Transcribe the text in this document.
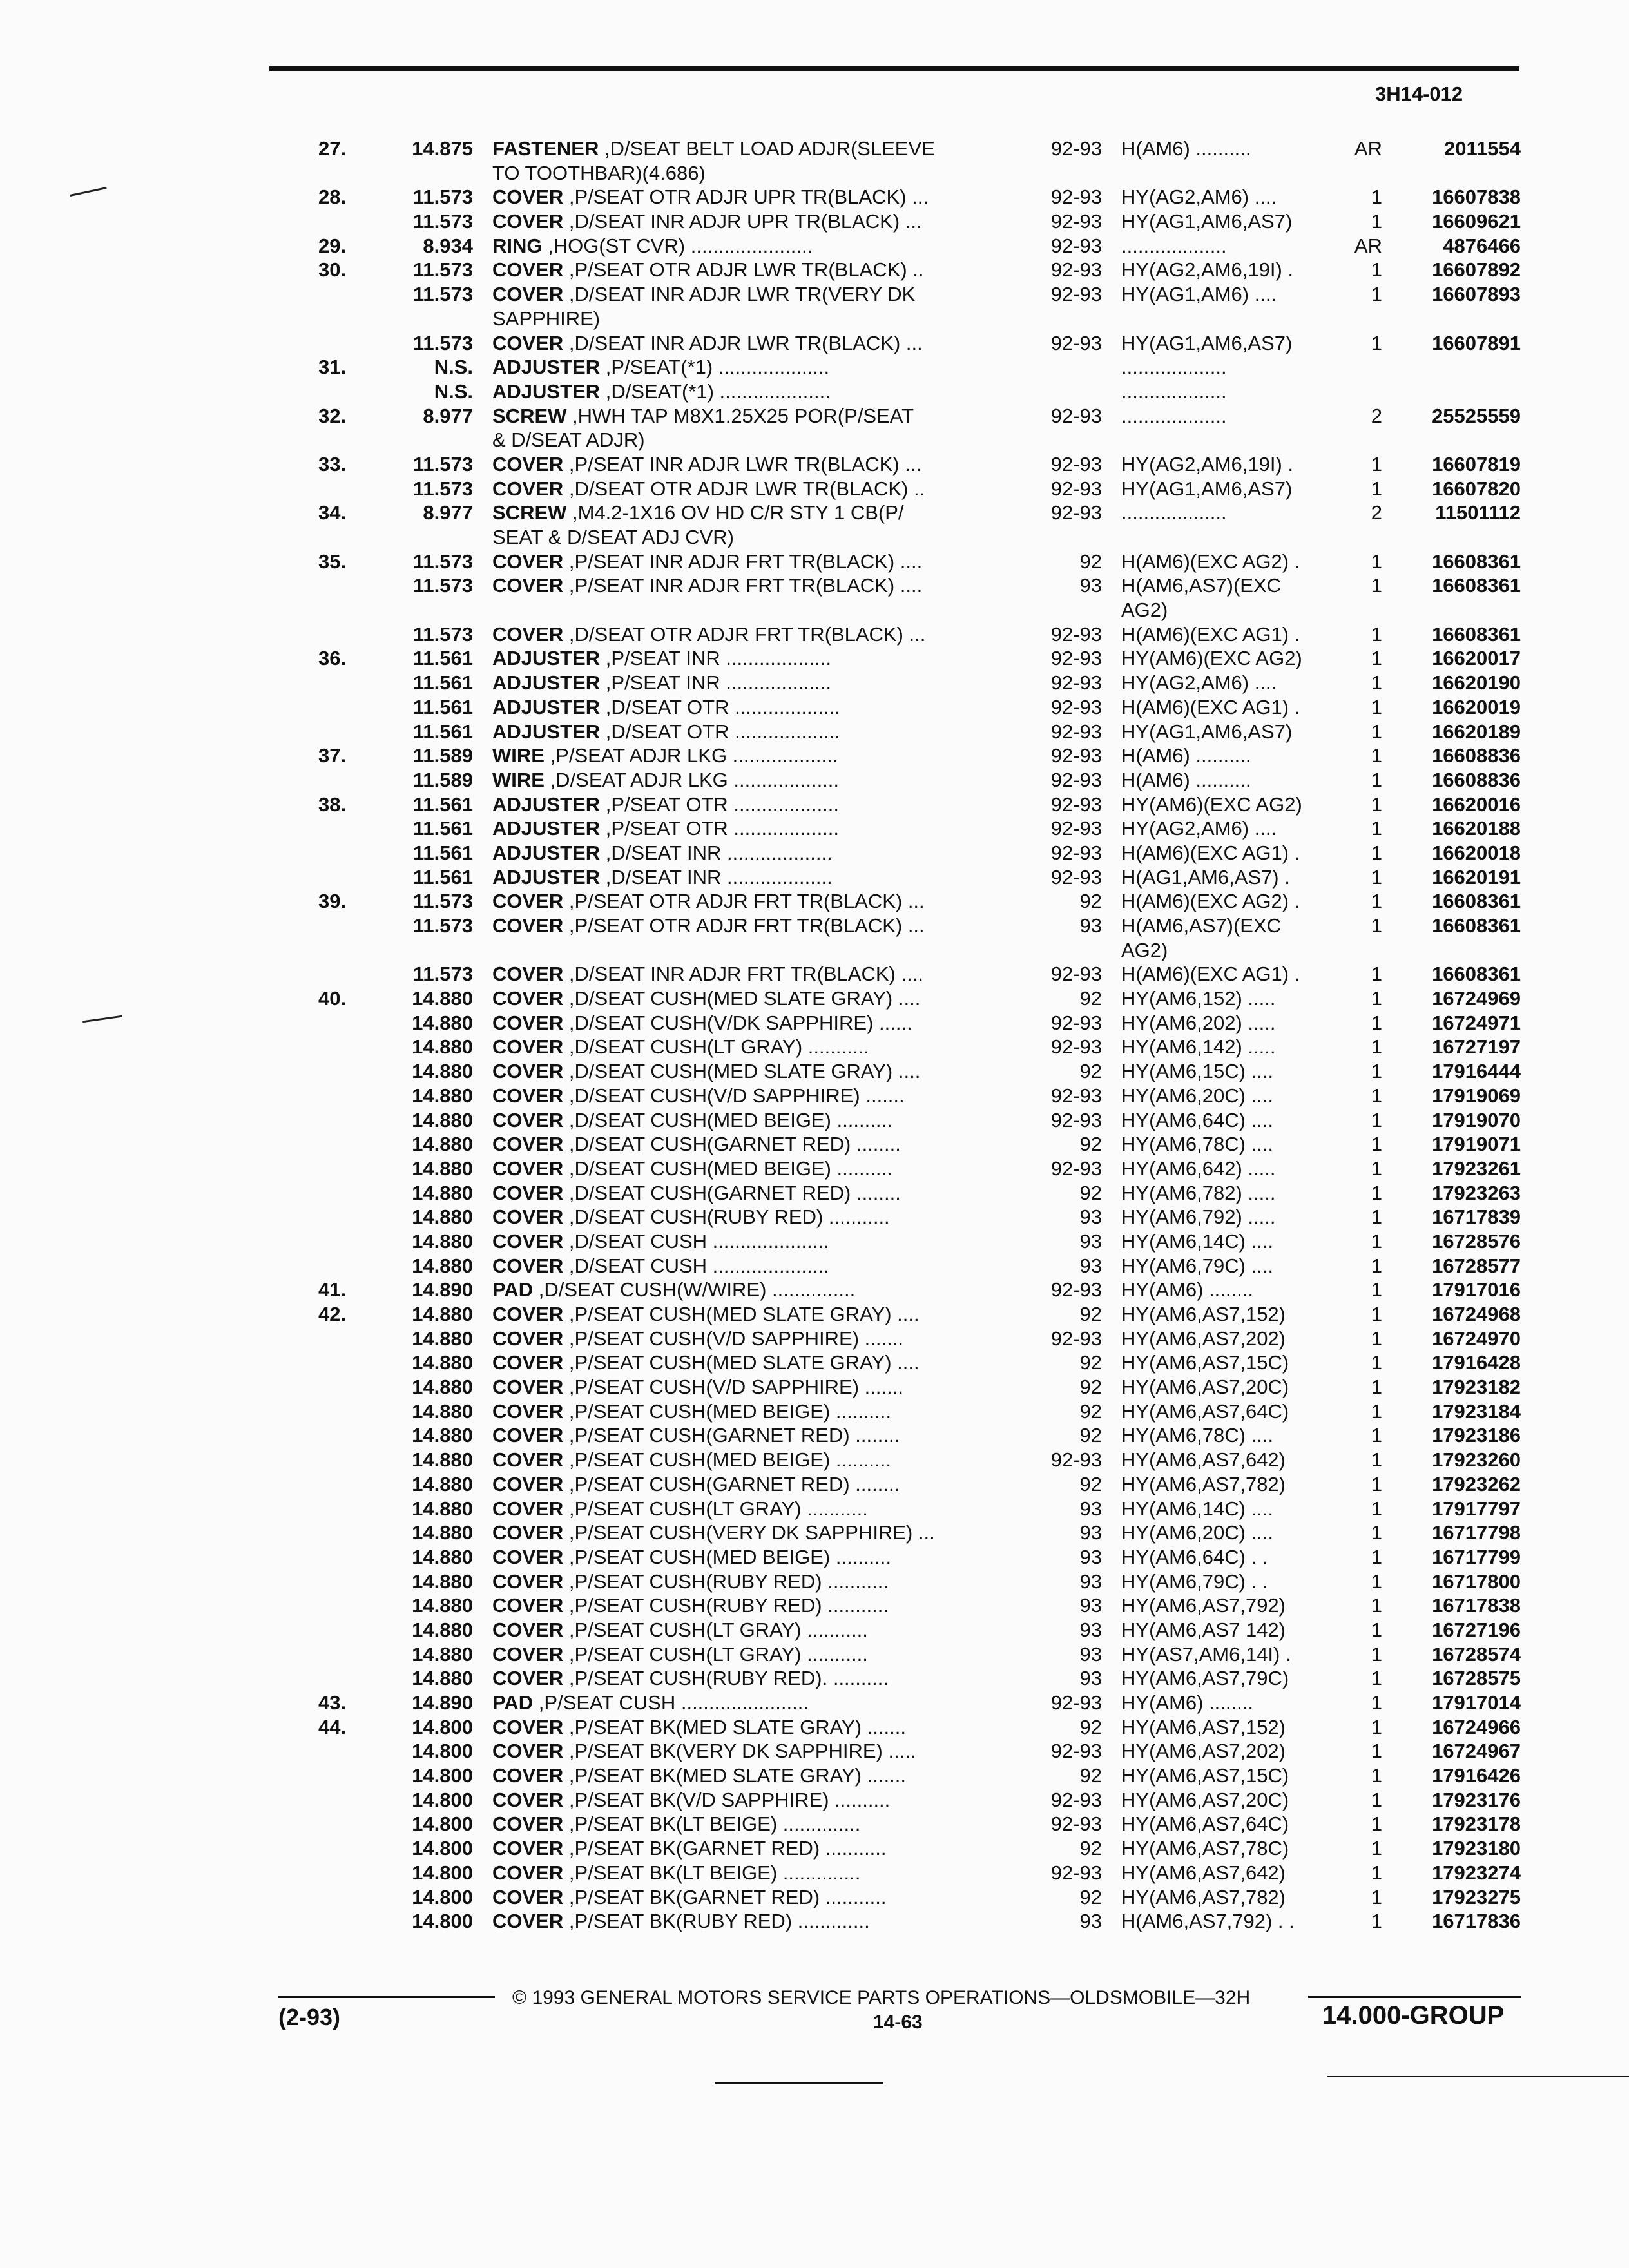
3H14-012
27.	14.875 FASTENER ,D/SEAT BELT LOAD ADJR(SLEEVE	92-93 H(AM6) ..........	AR	2011554
TO TOOTHBAR)(4.686)
28.	11.573 COVER ,P/SEAT OTR ADJR UPR TR(BLACK) ...	92-93 HY(AG2,AM6) ....	1	16607838
11.573 COVER ,D/SEAT INR ADJR UPR TR(BLACK) ...	92-93 HY(AG1,AM6,AS7)	1	16609621
29.	8.934 RING ,HOG(ST CVR) ......................	92-93 ...................	AR	4876466
30.	11.573 COVER ,P/SEAT OTR ADJR LWR TR(BLACK) ..	92-93 HY(AG2,AM6,19I) .	1	16607892
11.573 COVER ,D/SEAT INR ADJR LWR TR(VERY DK	92-93 HY(AG1,AM6) ....	1	16607893
SAPPHIRE)
11.573 COVER ,D/SEAT INR ADJR LWR TR(BLACK) ...	92-93 HY(AG1,AM6,AS7)	1	16607891
31.	N.S. ADJUSTER ,P/SEAT(*1) ....................	...................
N.S. ADJUSTER ,D/SEAT(*1) ....................	...................
32.	8.977 SCREW ,HWH TAP M8X1.25X25 POR(P/SEAT	92-93 ...................	2	25525559
& D/SEAT ADJR)
33.	11.573 COVER ,P/SEAT INR ADJR LWR TR(BLACK) ...	92-93 HY(AG2,AM6,19I) .	1	16607819
11.573 COVER ,D/SEAT OTR ADJR LWR TR(BLACK) ..	92-93 HY(AG1,AM6,AS7)	1	16607820
34.	8.977 SCREW ,M4.2-1X16 OV HD C/R STY 1 CB(P/	92-93 ...................	2	11501112
SEAT & D/SEAT ADJ CVR)
35.	11.573 COVER ,P/SEAT INR ADJR FRT TR(BLACK) ....	92 H(AM6)(EXC AG2) .	1	16608361
11.573 COVER ,P/SEAT INR ADJR FRT TR(BLACK) ....	93 H(AM6,AS7)(EXC	1	16608361
AG2)
11.573 COVER ,D/SEAT OTR ADJR FRT TR(BLACK) ...	92-93 H(AM6)(EXC AG1) .	1	16608361
36.	11.561 ADJUSTER ,P/SEAT INR ...................	92-93 HY(AM6)(EXC AG2)	1	16620017
11.561 ADJUSTER ,P/SEAT INR ...................	92-93 HY(AG2,AM6) ....	1	16620190
11.561 ADJUSTER ,D/SEAT OTR ...................	92-93 H(AM6)(EXC AG1) .	1	16620019
11.561 ADJUSTER ,D/SEAT OTR ...................	92-93 HY(AG1,AM6,AS7)	1	16620189
37.	11.589 WIRE ,P/SEAT ADJR LKG ...................	92-93 H(AM6) ..........	1	16608836
11.589 WIRE ,D/SEAT ADJR LKG ...................	92-93 H(AM6) ..........	1	16608836
38.	11.561 ADJUSTER ,P/SEAT OTR ...................	92-93 HY(AM6)(EXC AG2)	1	16620016
11.561 ADJUSTER ,P/SEAT OTR ...................	92-93 HY(AG2,AM6) ....	1	16620188
11.561 ADJUSTER ,D/SEAT INR ...................	92-93 H(AM6)(EXC AG1) .	1	16620018
11.561 ADJUSTER ,D/SEAT INR ...................	92-93 H(AG1,AM6,AS7) .	1	16620191
39.	11.573 COVER ,P/SEAT OTR ADJR FRT TR(BLACK) ...	92 H(AM6)(EXC AG2) .	1	16608361
11.573 COVER ,P/SEAT OTR ADJR FRT TR(BLACK) ...	93 H(AM6,AS7)(EXC	1	16608361
AG2)
11.573 COVER ,D/SEAT INR ADJR FRT TR(BLACK) ....	92-93 H(AM6)(EXC AG1) .	1	16608361
40.	14.880 COVER ,D/SEAT CUSH(MED SLATE GRAY) ....	92 HY(AM6,152) .....	1	16724969
14.880 COVER ,D/SEAT CUSH(V/DK SAPPHIRE) ......	92-93 HY(AM6,202) .....	1	16724971
14.880 COVER ,D/SEAT CUSH(LT GRAY) ...........	92-93 HY(AM6,142) .....	1	16727197
14.880 COVER ,D/SEAT CUSH(MED SLATE GRAY) ....	92 HY(AM6,15C) ....	1	17916444
14.880 COVER ,D/SEAT CUSH(V/D SAPPHIRE) .......	92-93 HY(AM6,20C) ....	1	17919069
14.880 COVER ,D/SEAT CUSH(MED BEIGE) ..........	92-93 HY(AM6,64C) ....	1	17919070
14.880 COVER ,D/SEAT CUSH(GARNET RED) ........	92 HY(AM6,78C) ....	1	17919071
14.880 COVER ,D/SEAT CUSH(MED BEIGE) ..........	92-93 HY(AM6,642) .....	1	17923261
14.880 COVER ,D/SEAT CUSH(GARNET RED) ........	92 HY(AM6,782) .....	1	17923263
14.880 COVER ,D/SEAT CUSH(RUBY RED) ...........	93 HY(AM6,792) .....	1	16717839
14.880 COVER ,D/SEAT CUSH .....................	93 HY(AM6,14C) ....	1	16728576
14.880 COVER ,D/SEAT CUSH .....................	93 HY(AM6,79C) ....	1	16728577
41.	14.890 PAD ,D/SEAT CUSH(W/WIRE) ...............	92-93 HY(AM6) ........	1	17917016
42.	14.880 COVER ,P/SEAT CUSH(MED SLATE GRAY) ....	92 HY(AM6,AS7,152)	1	16724968
14.880 COVER ,P/SEAT CUSH(V/D SAPPHIRE) .......	92-93 HY(AM6,AS7,202)	1	16724970
14.880 COVER ,P/SEAT CUSH(MED SLATE GRAY) ....	92 HY(AM6,AS7,15C)	1	17916428
14.880 COVER ,P/SEAT CUSH(V/D SAPPHIRE) .......	92 HY(AM6,AS7,20C)	1	17923182
14.880 COVER ,P/SEAT CUSH(MED BEIGE) ..........	92 HY(AM6,AS7,64C)	1	17923184
14.880 COVER ,P/SEAT CUSH(GARNET RED) ........	92 HY(AM6,78C) ....	1	17923186
14.880 COVER ,P/SEAT CUSH(MED BEIGE) ..........	92-93 HY(AM6,AS7,642)	1	17923260
14.880 COVER ,P/SEAT CUSH(GARNET RED) ........	92 HY(AM6,AS7,782)	1	17923262
14.880 COVER ,P/SEAT CUSH(LT GRAY) ...........	93 HY(AM6,14C) ....	1	17917797
14.880 COVER ,P/SEAT CUSH(VERY DK SAPPHIRE) ...	93 HY(AM6,20C) ....	1	16717798
14.880 COVER ,P/SEAT CUSH(MED BEIGE) ..........	93 HY(AM6,64C) . .	1	16717799
14.880 COVER ,P/SEAT CUSH(RUBY RED) ...........	93 HY(AM6,79C) . .	1	16717800
14.880 COVER ,P/SEAT CUSH(RUBY RED) ...........	93 HY(AM6,AS7,792)	1	16717838
14.880 COVER ,P/SEAT CUSH(LT GRAY) ...........	93 HY(AM6,AS7 142)	1	16727196
14.880 COVER ,P/SEAT CUSH(LT GRAY) ...........	93 HY(AS7,AM6,14I) .	1	16728574
14.880 COVER ,P/SEAT CUSH(RUBY RED). ..........	93 HY(AM6,AS7,79C)	1	16728575
43.	14.890 PAD ,P/SEAT CUSH .......................	92-93 HY(AM6) ........	1	17917014
44.	14.800 COVER ,P/SEAT BK(MED SLATE GRAY) .......	92 HY(AM6,AS7,152)	1	16724966
14.800 COVER ,P/SEAT BK(VERY DK SAPPHIRE) .....	92-93 HY(AM6,AS7,202)	1	16724967
14.800 COVER ,P/SEAT BK(MED SLATE GRAY) .......	92 HY(AM6,AS7,15C)	1	17916426
14.800 COVER ,P/SEAT BK(V/D SAPPHIRE) ..........	92-93 HY(AM6,AS7,20C)	1	17923176
14.800 COVER ,P/SEAT BK(LT BEIGE) ..............	92-93 HY(AM6,AS7,64C)	1	17923178
14.800 COVER ,P/SEAT BK(GARNET RED) ...........	92 HY(AM6,AS7,78C)	1	17923180
14.800 COVER ,P/SEAT BK(LT BEIGE) ..............	92-93 HY(AM6,AS7,642)	1	17923274
14.800 COVER ,P/SEAT BK(GARNET RED) ...........	92 HY(AM6,AS7,782)	1	17923275
14.800 COVER ,P/SEAT BK(RUBY RED) .............	93 H(AM6,AS7,792) . .	1	16717836
© 1993 GENERAL MOTORS SERVICE PARTS OPERATIONS—OLDSMOBILE—32H
14-63
(2-93)	14.000-GROUP
